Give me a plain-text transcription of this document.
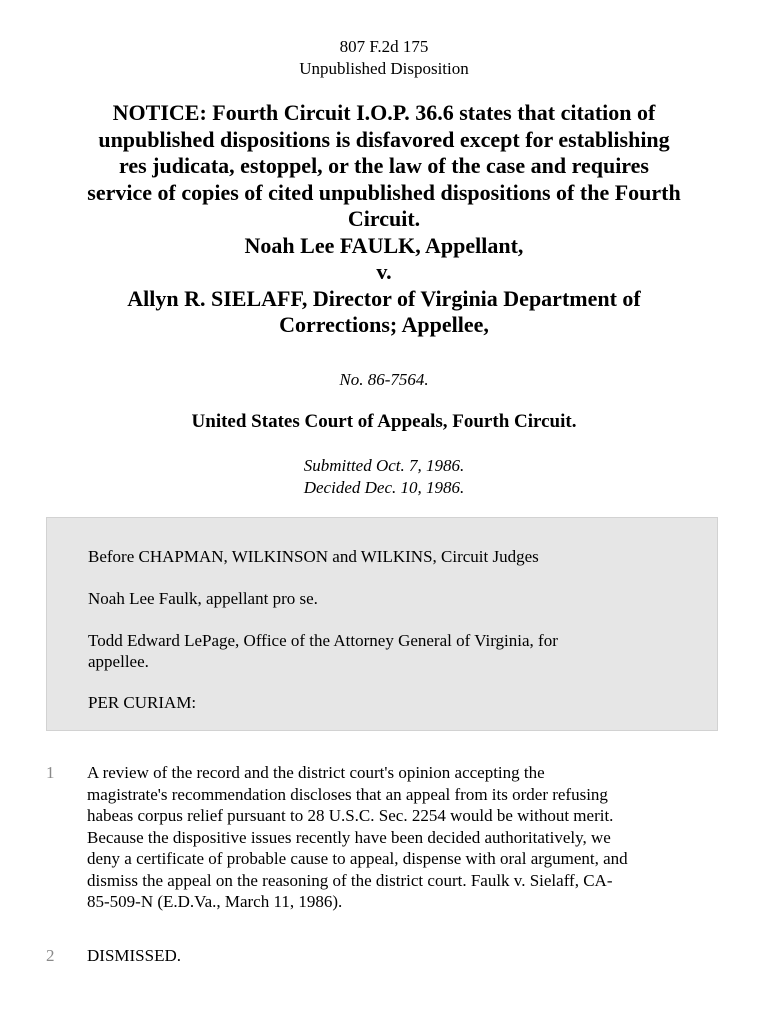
807 F.2d 175
Unpublished Disposition
NOTICE: Fourth Circuit I.O.P. 36.6 states that citation of
unpublished dispositions is disfavored except for establishing
res judicata, estoppel, or the law of the case and requires
service of copies of cited unpublished dispositions of the Fourth
Circuit.
Noah Lee FAULK, Appellant,
v.
Allyn R. SIELAFF, Director of Virginia Department of
Corrections; Appellee,
No. 86-7564.
United States Court of Appeals, Fourth Circuit.
Submitted Oct. 7, 1986.
Decided Dec. 10, 1986.
Before CHAPMAN, WILKINSON and WILKINS, Circuit Judges
Noah Lee Faulk, appellant pro se.
Todd Edward LePage, Office of the Attorney General of Virginia, for
appellee.
PER CURIAM:
1 A review of the record and the district court's opinion accepting the
magistrate's recommendation discloses that an appeal from its order refusing
habeas corpus relief pursuant to 28 U.S.C. Sec. 2254 would be without merit.
Because the dispositive issues recently have been decided authoritatively, we
deny a certificate of probable cause to appeal, dispense with oral argument, and
dismiss the appeal on the reasoning of the district court. Faulk v. Sielaff, CA-
85-509-N (E.D.Va., March 11, 1986).
2 DISMISSED.
